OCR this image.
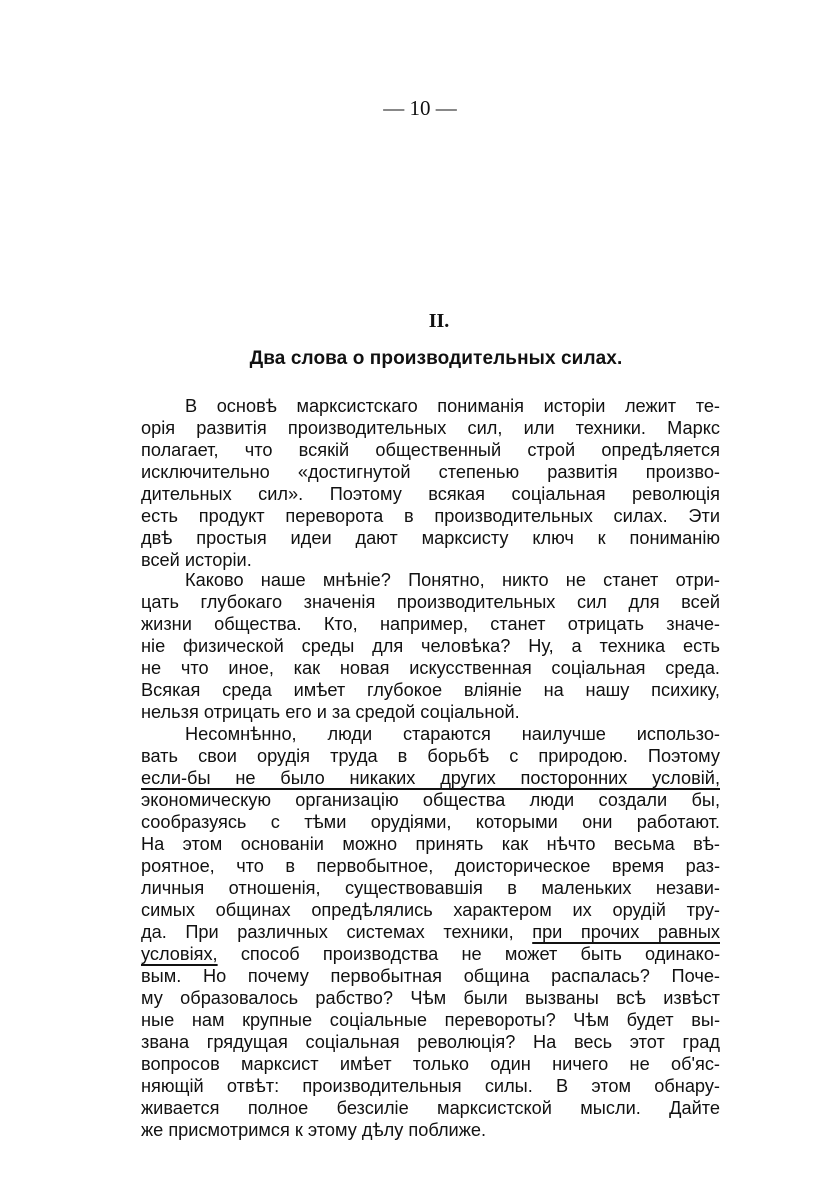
— 10 —
II.
Два слова о производительных силах.
В основѣ марксистскаго пониманія исторіи лежит те-
орія развитія производительных сил, или техники. Маркс
полагает, что всякій общественный строй опредѣляется
исключительно «достигнутой степенью развитія произво-
дительных сил». Поэтому всякая соціальная революція
есть продукт переворота в производительных силах. Эти
двѣ простыя идеи дают марксисту ключ к пониманію
всей исторіи.
Каково наше мнѣніе? Понятно, никто не станет отри-
цать глубокаго значенія производительных сил для всей
жизни общества. Кто, например, станет отрицать значе-
ніе физической среды для человѣка? Ну, а техника есть
не что иное, как новая искусственная соціальная среда.
Всякая среда имѣет глубокое вліяніе на нашу психику,
нельзя отрицать его и за средой соціальной.
Несомнѣнно, люди стараются наилучше использо-
вать свои орудія труда в борьбѣ с природою. Поэтому
если-бы не было никаких других посторонних условій,
экономическую организацію общества люди создали бы,
сообразуясь с тѣми орудіями, которыми они работают.
На этом основаніи можно принять как нѣчто весьма вѣ-
роятное, что в первобытное, доисторическое время раз-
личныя отношенія, существовавшія в маленьких незави-
симых общинах опредѣлялись характером их орудій тру-
да. При различных системах техники, при прочих равных
условіях, способ производства не может быть одинако-
вым. Но почему первобытная община распалась? Поче-
му образовалось рабство? Чѣм были вызваны всѣ извѣст
ные нам крупные соціальные перевороты? Чѣм будет вы-
звана грядущая соціальная революція? На весь этот град
вопросов марксист имѣет только один ничего не об'яс-
няющій отвѣт: производительныя силы. В этом обнару-
живается полное безсиліе марксистской мысли. Дайте
же присмотримся к этому дѣлу поближе.
